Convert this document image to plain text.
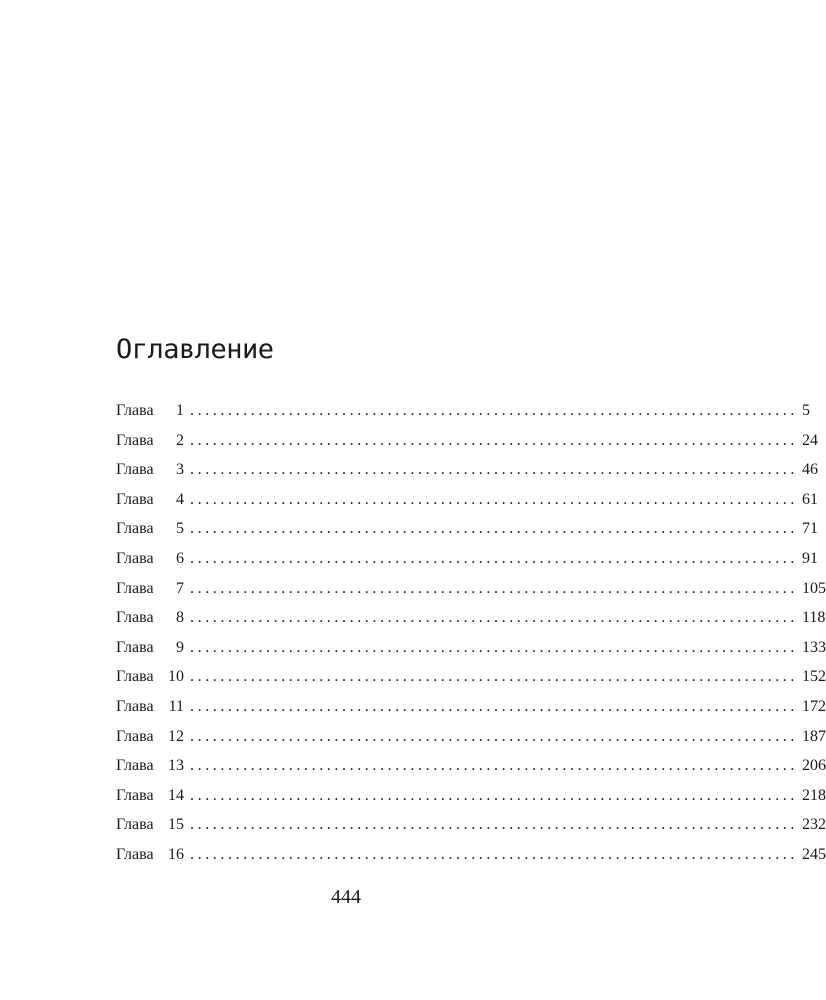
Оглавление
Глава	1 ................................................................................ 5
Глава	2 ................................................................................ 24
Глава	3 ................................................................................ 46
Глава	4 ................................................................................ 61
Глава	5 ................................................................................ 71
Глава	6 ................................................................................ 91
Глава	7 ................................................................................ 105
Глава	8 ................................................................................ 118
Глава	9 ................................................................................ 133
Глава 10 ................................................................................ 152
Глава 11 ................................................................................ 172
Глава 12 ................................................................................ 187
Глава 13 ................................................................................ 206
Глава 14 ................................................................................ 218
Глава 15 ................................................................................ 232
Глава 16 ................................................................................ 245
444
